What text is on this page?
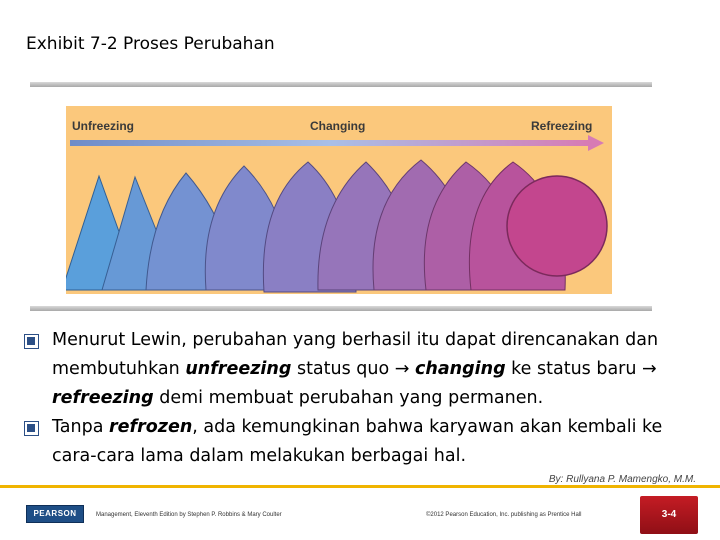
Exhibit 7-2 Proses Perubahan
Unfreezing	Changing	Refreezing
Menurut Lewin, perubahan yang berhasil itu dapat direncanakan dan membutuhkan unfreezing status quo → changing ke status baru → refreezing demi membuat perubahan yang permanen.
Tanpa refrozen, ada kemungkinan bahwa karyawan akan kembali ke cara-cara lama dalam melakukan berbagai hal.
By: Rullyana P. Mamengko, M.M.
PEARSON	Management, Eleventh Edition by Stephen P. Robbins & Mary Coulter	©2012 Pearson Education, Inc. publishing as Prentice Hall	3-4
